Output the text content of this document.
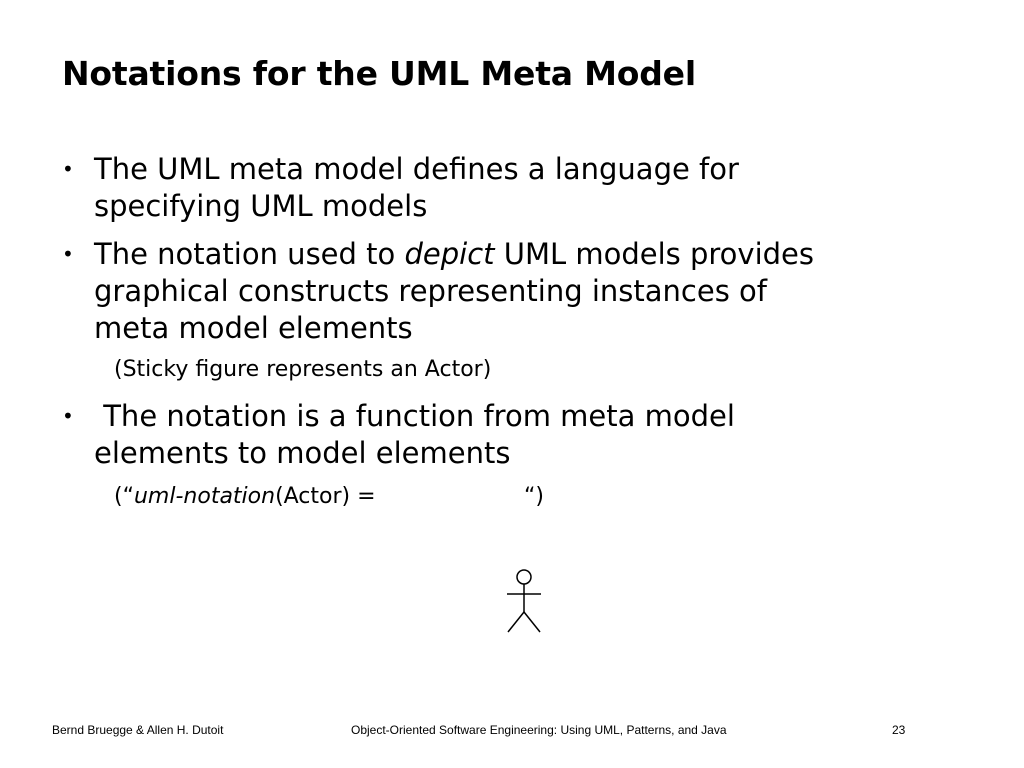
Notations for the UML Meta Model
• The UML meta model defines a language for
specifying UML models
• The notation used to depict UML models provides
graphical constructs representing instances of
meta model elements
(Sticky figure represents an Actor)
• The notation is a function from meta model
elements to model elements
(“uml-notation(Actor) =	“)
Bernd Bruegge & Allen H. Dutoit	Object-Oriented Software Engineering: Using UML, Patterns, and Java	23
